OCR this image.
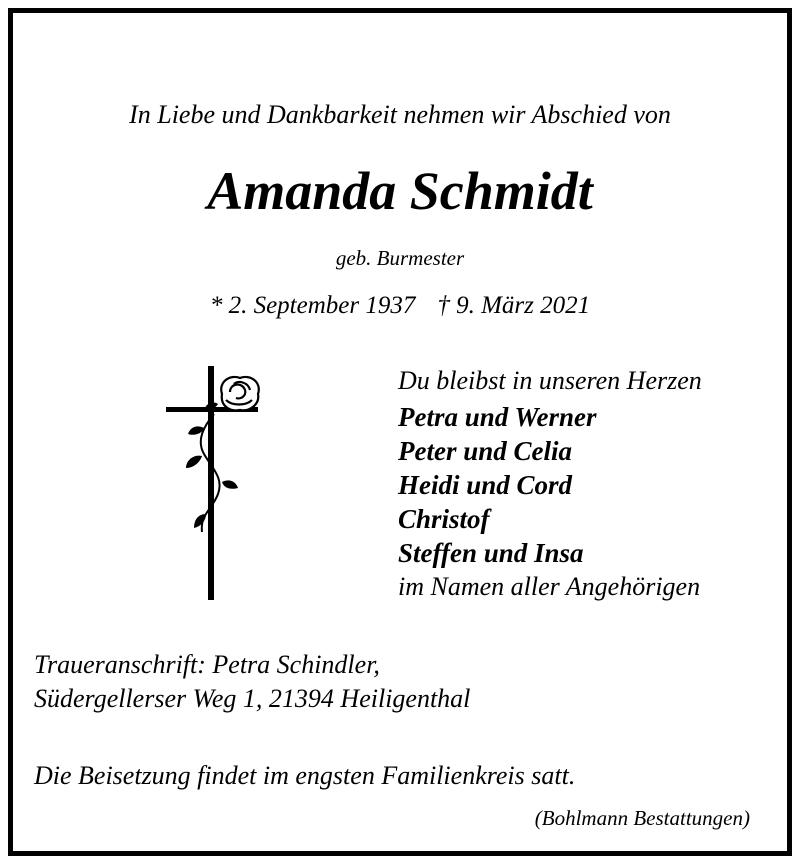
In Liebe und Dankbarkeit nehmen wir Abschied von
Amanda Schmidt
geb. Burmester
* 2. September 1937 † 9. März 2021
Du bleibst in unseren Herzen
Petra und Werner
Peter und Celia
Heidi und Cord
Christof
Steffen und Insa
im Namen aller Angehörigen
Traueranschrift: Petra Schindler,
Südergellerser Weg 1, 21394 Heiligenthal
Die Beisetzung findet im engsten Familienkreis satt.
(Bohlmann Bestattungen)
